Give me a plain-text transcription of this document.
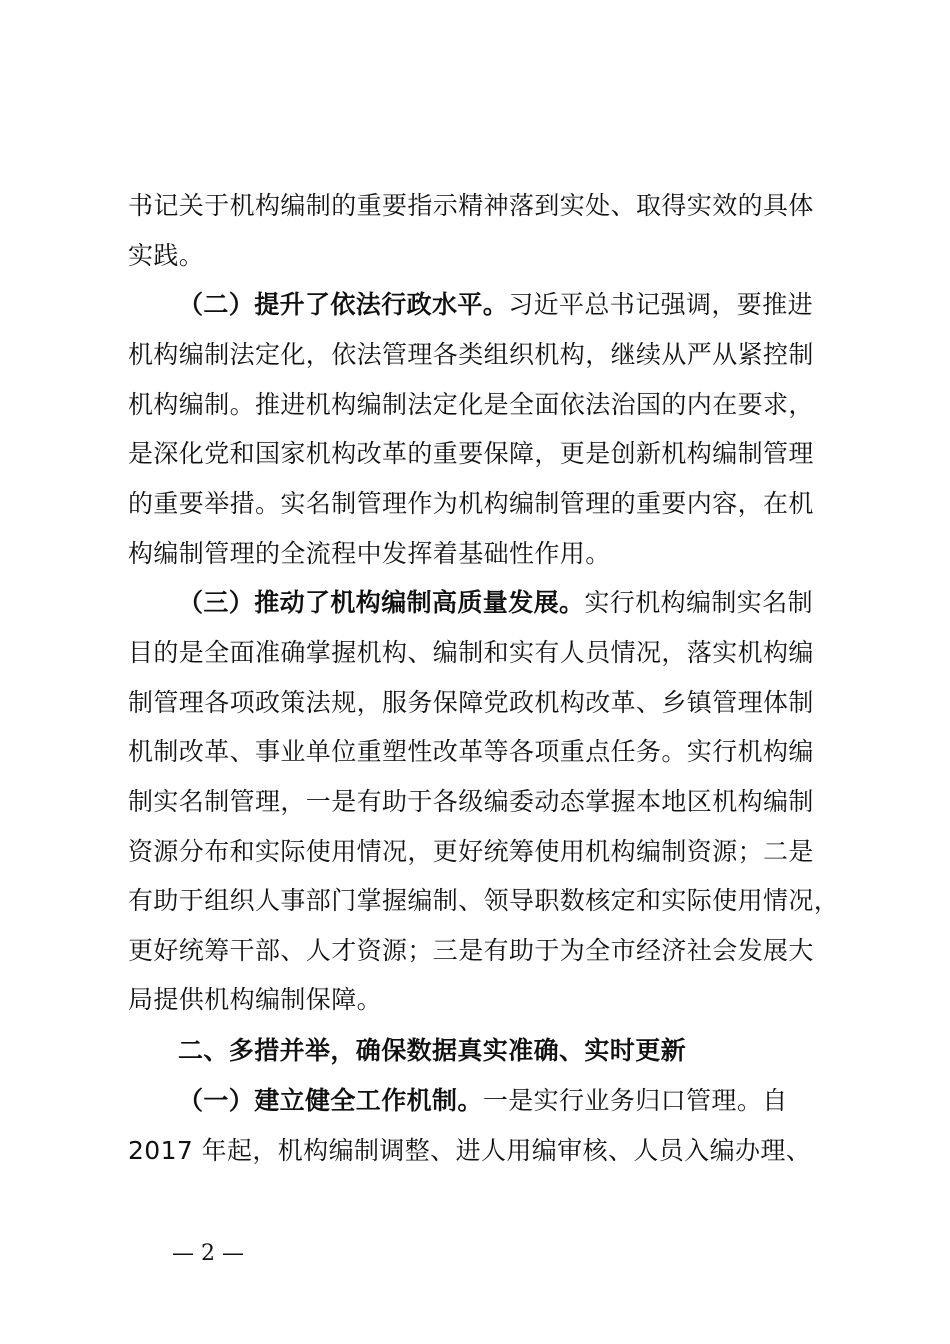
书记关于机构编制的重要指示精神落到实处、取得实效的具体
实践。
（二）提升了依法行政水平。习近平总书记强调，要推进
机构编制法定化，依法管理各类组织机构，继续从严从紧控制
机构编制。推进机构编制法定化是全面依法治国的内在要求，
是深化党和国家机构改革的重要保障，更是创新机构编制管理
的重要举措。实名制管理作为机构编制管理的重要内容，在机
构编制管理的全流程中发挥着基础性作用。
（三）推动了机构编制高质量发展。实行机构编制实名制
目的是全面准确掌握机构、编制和实有人员情况，落实机构编
制管理各项政策法规，服务保障党政机构改革、乡镇管理体制
机制改革、事业单位重塑性改革等各项重点任务。实行机构编
制实名制管理，一是有助于各级编委动态掌握本地区机构编制
资源分布和实际使用情况，更好统筹使用机构编制资源；二是
有助于组织人事部门掌握编制、领导职数核定和实际使用情况，
更好统筹干部、人才资源；三是有助于为全市经济社会发展大
局提供机构编制保障。
二、多措并举，确保数据真实准确、实时更新
（一）建立健全工作机制。一是实行业务归口管理。自
2017 年起，机构编制调整、进人用编审核、人员入编办理、
— 2 —
